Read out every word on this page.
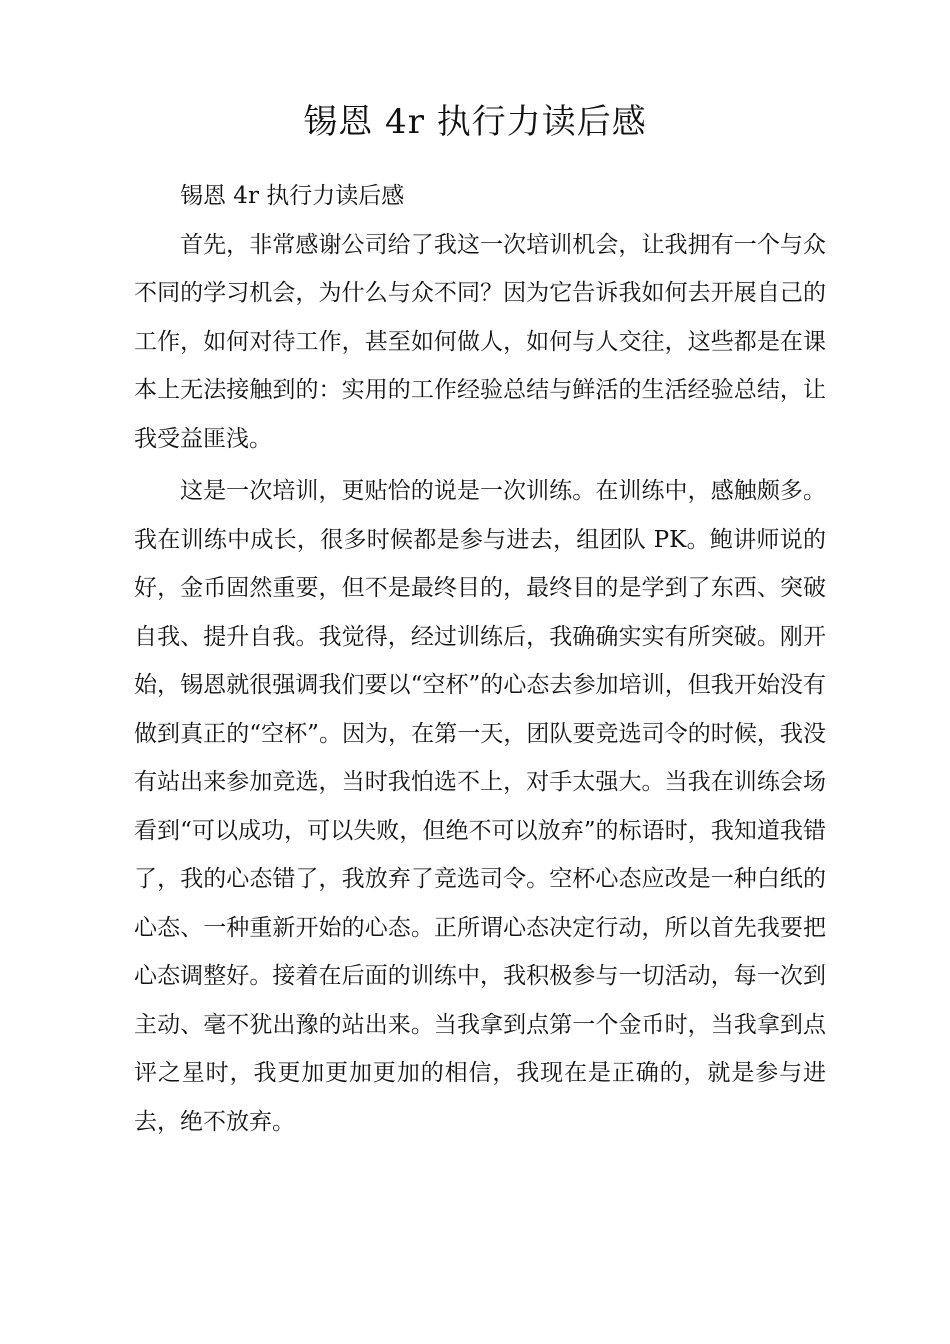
锡恩 4r 执行力读后感

锡恩 4r 执行力读后感

首先，非常感谢公司给了我这一次培训机会，让我拥有一个与众不同的学习机会，为什么与众不同？因为它告诉我如何去开展自己的工作，如何对待工作，甚至如何做人，如何与人交往，这些都是在课本上无法接触到的：实用的工作经验总结与鲜活的生活经验总结，让我受益匪浅。

这是一次培训，更贴恰的说是一次训练。在训练中，感触颇多。我在训练中成长，很多时候都是参与进去，组团队 PK。鲍讲师说的好，金币固然重要，但不是最终目的，最终目的是学到了东西、突破自我、提升自我。我觉得，经过训练后，我确确实实有所突破。刚开始，锡恩就很强调我们要以“空杯”的心态去参加培训，但我开始没有做到真正的“空杯”。因为，在第一天，团队要竞选司令的时候，我没有站出来参加竞选，当时我怕选不上，对手太强大。当我在训练会场看到“可以成功，可以失败，但绝不可以放弃”的标语时，我知道我错了，我的心态错了，我放弃了竞选司令。空杯心态应改是一种白纸的心态、一种重新开始的心态。正所谓心态决定行动，所以首先我要把心态调整好。接着在后面的训练中，我积极参与一切活动，每一次到主动、毫不犹出豫的站出来。当我拿到点第一个金币时，当我拿到点评之星时，我更加更加更加的相信，我现在是正确的，就是参与进去，绝不放弃。
